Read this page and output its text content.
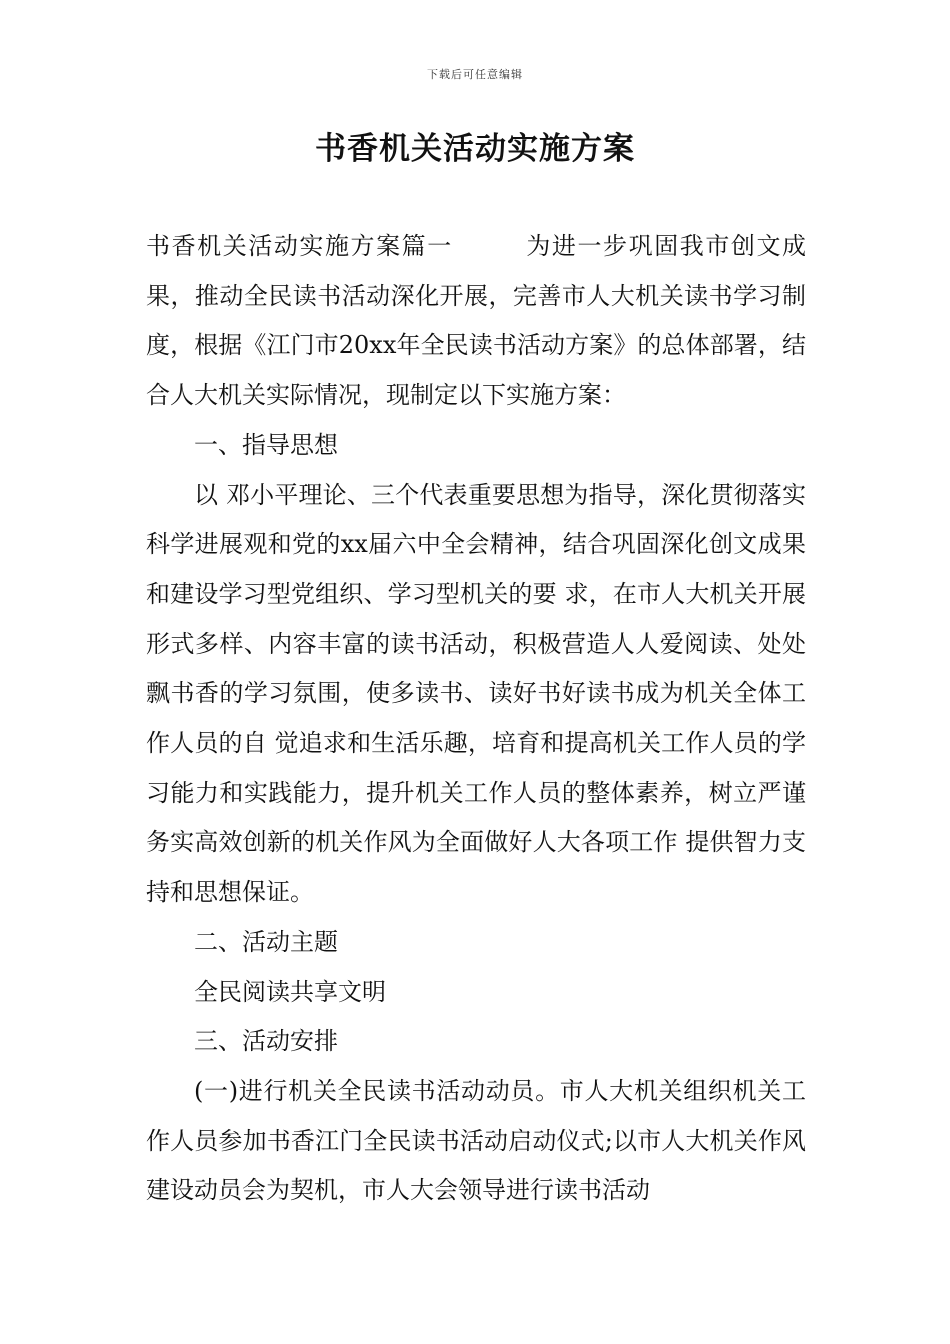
下载后可任意编辑
书香机关活动实施方案

书香机关活动实施方案篇一	为进一步巩固我市创文成果，推动全民读书活动深化开展，完善市人大机关读书学习制度，根据《江门市20xx年全民读书活动方案》的总体部署，结合人大机关实际情况，现制定以下实施方案：

一、指导思想

以 邓小平理论、三个代表重要思想为指导，深化贯彻落实科学进展观和党的xx届六中全会精神，结合巩固深化创文成果和建设学习型党组织、学习型机关的要 求，在市人大机关开展形式多样、内容丰富的读书活动，积极营造人人爱阅读、处处飘书香的学习氛围，使多读书、读好书好读书成为机关全体工作人员的自 觉追求和生活乐趣，培育和提高机关工作人员的学习能力和实践能力，提升机关工作人员的整体素养，树立严谨务实高效创新的机关作风为全面做好人大各项工作 提供智力支持和思想保证。

二、活动主题

全民阅读共享文明

三、活动安排

(一)进行机关全民读书活动动员。市人大机关组织机关工作人员参加书香江门全民读书活动启动仪式;以市人大机关作风建设动员会为契机，市人大会领导进行读书活动
